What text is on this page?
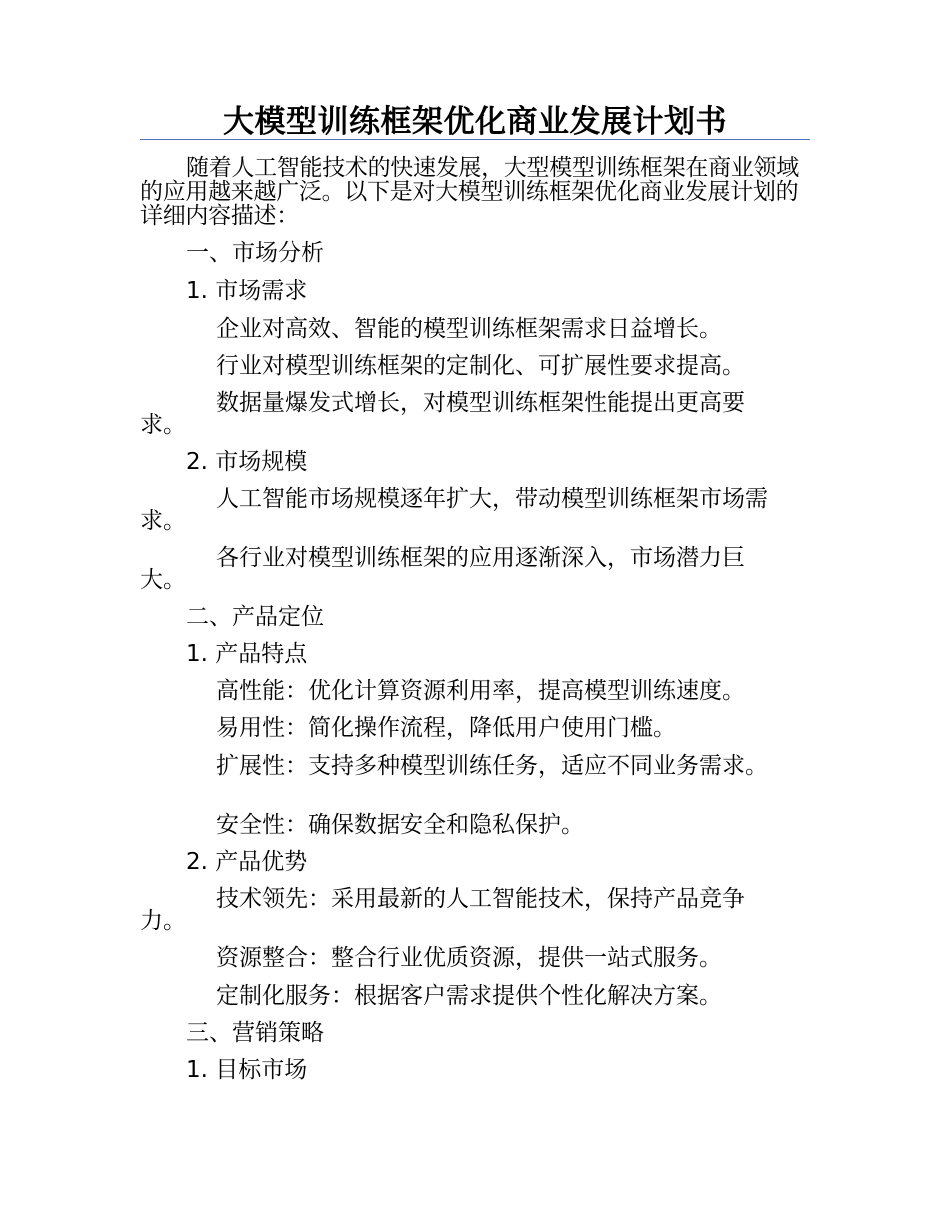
大模型训练框架优化商业发展计划书
随着人工智能技术的快速发展，大型模型训练框架在商业领域的应用越来越广泛。以下是对大模型训练框架优化商业发展计划的详细内容描述：
一、市场分析
1. 市场需求
企业对高效、智能的模型训练框架需求日益增长。
行业对模型训练框架的定制化、可扩展性要求提高。
数据量爆发式增长，对模型训练框架性能提出更高要求。
2. 市场规模
人工智能市场规模逐年扩大，带动模型训练框架市场需求。
各行业对模型训练框架的应用逐渐深入，市场潜力巨大。
二、产品定位
1. 产品特点
高性能：优化计算资源利用率，提高模型训练速度。
易用性：简化操作流程，降低用户使用门槛。
扩展性：支持多种模型训练任务，适应不同业务需求。
安全性：确保数据安全和隐私保护。
2. 产品优势
技术领先：采用最新的人工智能技术，保持产品竞争力。
资源整合：整合行业优质资源，提供一站式服务。
定制化服务：根据客户需求提供个性化解决方案。
三、营销策略
1. 目标市场
